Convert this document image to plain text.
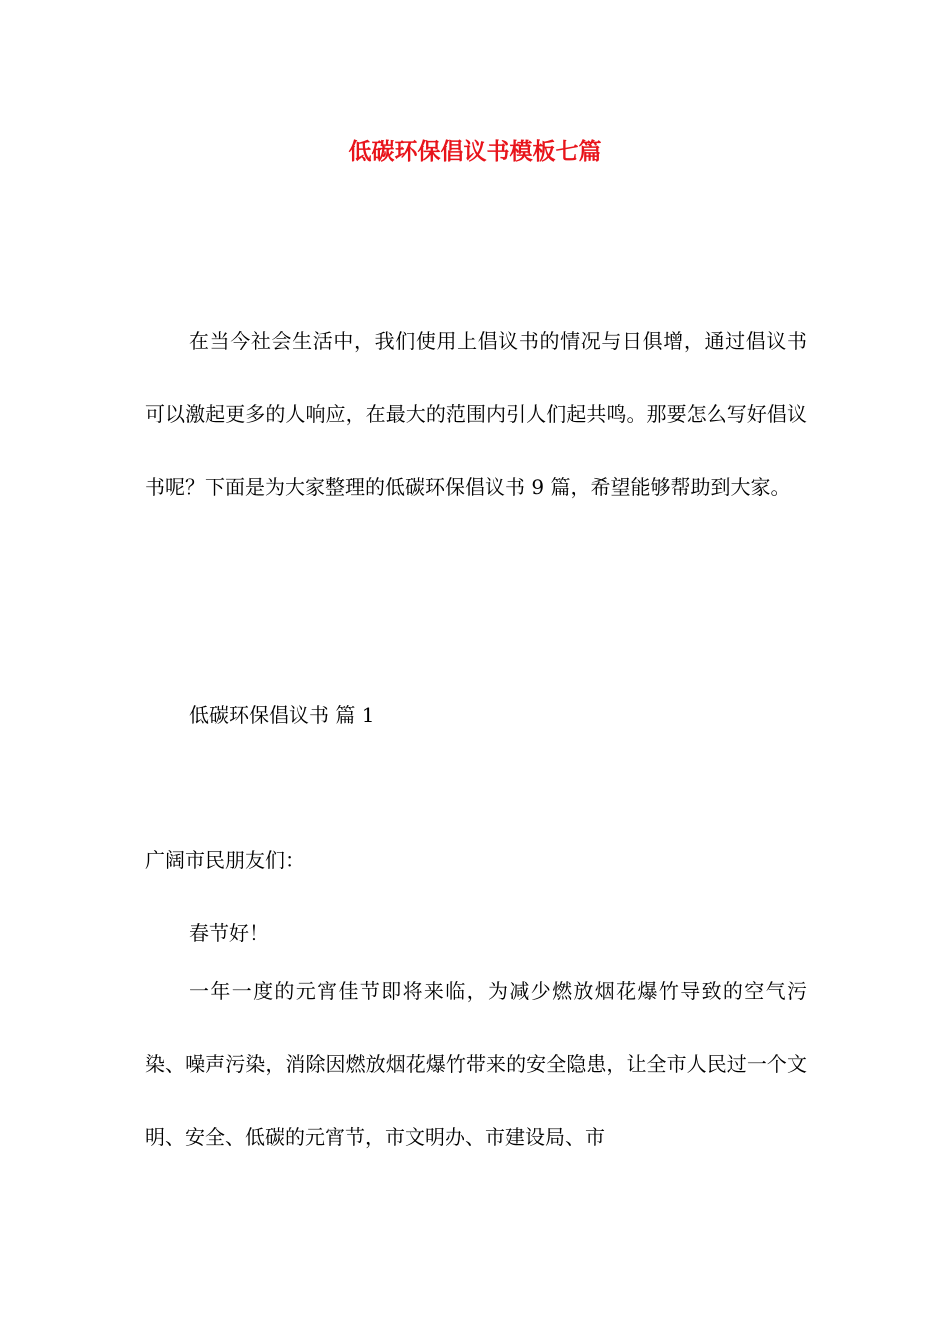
低碳环保倡议书模板七篇

在当今社会生活中，我们使用上倡议书的情况与日俱增，通过倡议书可以激起更多的人响应，在最大的范围内引人们起共鸣。那要怎么写好倡议书呢？下面是为大家整理的低碳环保倡议书 9 篇，希望能够帮助到大家。

低碳环保倡议书 篇 1

广阔市民朋友们：

春节好！

一年一度的元宵佳节即将来临，为减少燃放烟花爆竹导致的空气污染、噪声污染，消除因燃放烟花爆竹带来的安全隐患，让全市人民过一个文明、安全、低碳的元宵节，市文明办、市建设局、市
